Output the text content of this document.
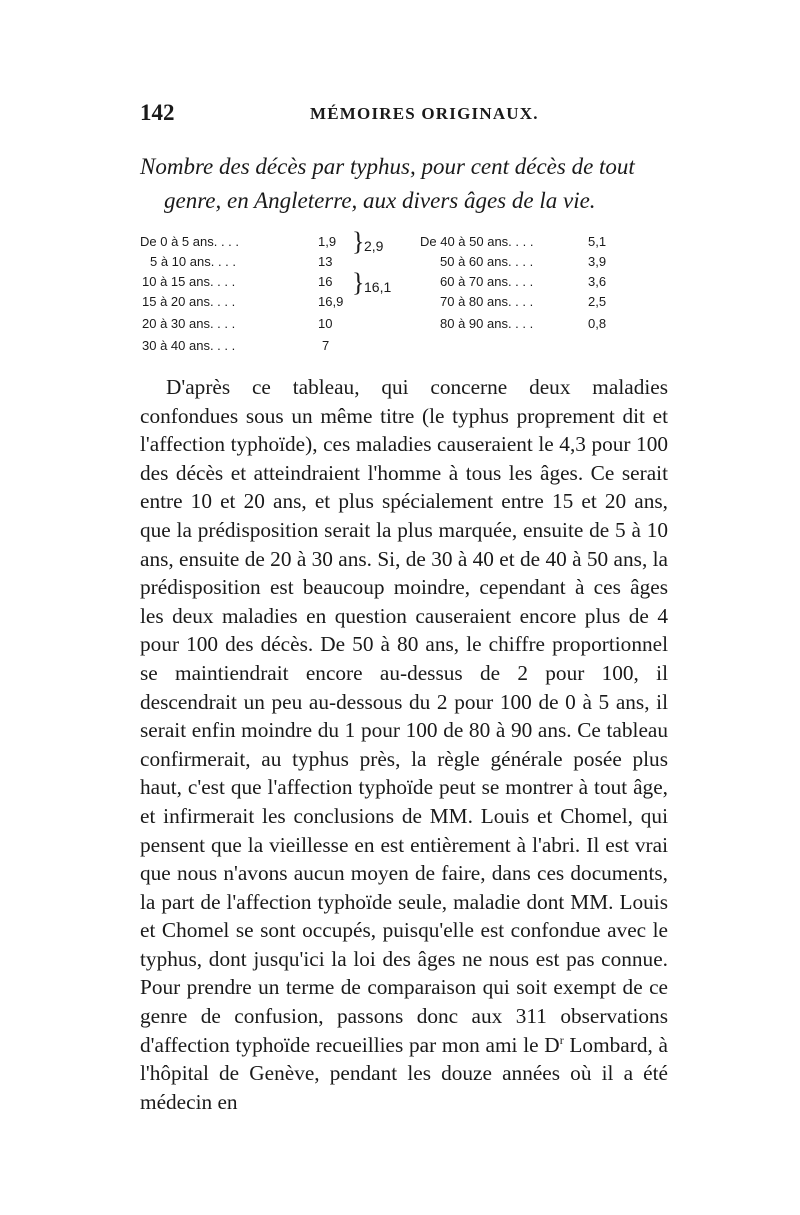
142	MÉMOIRES ORIGINAUX.
Nombre des décès par typhus, pour cent décès de tout
genre, en Angleterre, aux divers âges de la vie.
De 0 à 5 ans. . . .	1,9
5 à 10 ans. . . .	13
10 à 15 ans. . . .	16
15 à 20 ans. . . .	16,9
20 à 30 ans. . . .	10
30 à 40 ans. . . .	7
} 2,9
} 16,1
De 40 à 50 ans. . . .	5,1
50 à 60 ans. . . .	3,9
60 à 70 ans. . . .	3,6
70 à 80 ans. . . .	2,5
80 à 90 ans. . . .	0,8

D'après ce tableau, qui concerne deux maladies confondues sous un même titre (le typhus proprement dit et l'affection typhoïde), ces maladies causeraient le 4,3 pour 100 des décès et atteindraient l'homme à tous les âges. Ce serait entre 10 et 20 ans, et plus spécialement entre 15 et 20 ans, que la prédisposition serait la plus marquée, ensuite de 5 à 10 ans, ensuite de 20 à 30 ans. Si, de 30 à 40 et de 40 à 50 ans, la prédisposition est beaucoup moindre, cependant à ces âges les deux maladies en question causeraient encore plus de 4 pour 100 des décès. De 50 à 80 ans, le chiffre proportionnel se maintiendrait encore au-dessus de 2 pour 100, il descendrait un peu au-dessous du 2 pour 100 de 0 à 5 ans, il serait enfin moindre du 1 pour 100 de 80 à 90 ans. Ce tableau confirmerait, au typhus près, la règle générale posée plus haut, c'est que l'affection typhoïde peut se montrer à tout âge, et infirmerait les conclusions de MM. Louis et Chomel, qui pensent que la vieillesse en est entièrement à l'abri. Il est vrai que nous n'avons aucun moyen de faire, dans ces documents, la part de l'affection typhoïde seule, maladie dont MM. Louis et Chomel se sont occupés, puisqu'elle est confondue avec le typhus, dont jusqu'ici la loi des âges ne nous est pas connue. Pour prendre un terme de comparaison qui soit exempt de ce genre de confusion, passons donc aux 311 observations d'affection typhoïde recueillies par mon ami le $D^r$ Lombard, à l'hôpital de Genève, pendant les douze années où il a été médecin en
